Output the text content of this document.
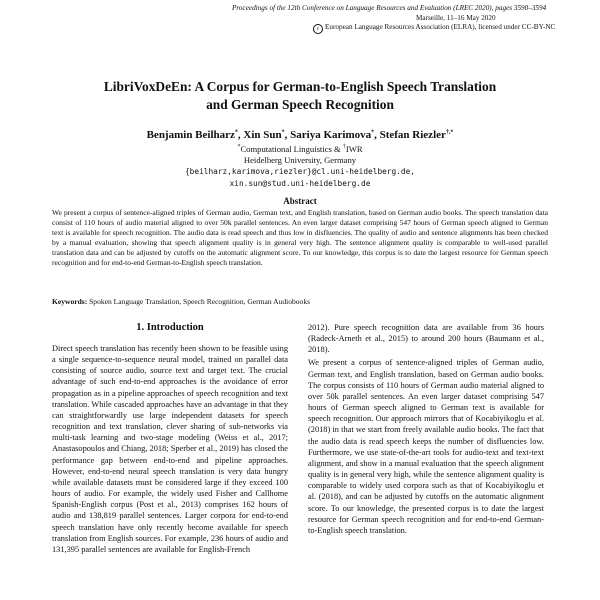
Proceedings of the 12th Conference on Language Resources and Evaluation (LREC 2020), pages 3590–3594
Marseille, 11–16 May 2020
c European Language Resources Association (ELRA), licensed under CC-BY-NC
LibriVoxDeEn: A Corpus for German-to-English Speech Translation
and German Speech Recognition
Benjamin Beilharz*, Xin Sun*, Sariya Karimova*, Stefan Riezler†,*
*Computational Linguistics & †IWR
Heidelberg University, Germany
{beilharz,karimova,riezler}@cl.uni-heidelberg.de,
xin.sun@stud.uni-heidelberg.de
Abstract

We present a corpus of sentence-aligned triples of German audio, German text, and English translation, based on German audio books. The speech translation data consist of 110 hours of audio material aligned to over 50k parallel sentences. An even larger dataset comprising 547 hours of German speech aligned to German text is available for speech recognition. The audio data is read speech and thus low in disfluencies. The quality of audio and sentence alignments has been checked by a manual evaluation, showing that speech alignment quality is in general very high. The sentence alignment quality is comparable to well-used parallel translation data and can be adjusted by cutoffs on the automatic alignment score. To our knowledge, this corpus is to date the largest resource for German speech recognition and for end-to-end German-to-English speech translation.

Keywords: Spoken Language Translation, Speech Recognition, German Audiobooks

1. Introduction

Direct speech translation has recently been shown to be feasible using a single sequence-to-sequence neural model, trained on parallel data consisting of source audio, source text and target text. The crucial advantage of such end-to-end approaches is the avoidance of error propagation as in a pipeline approaches of speech recognition and text translation. While cascaded approaches have an advantage in that they can straightforwardly use large independent datasets for speech recognition and text translation, clever sharing of sub-networks via multi-task learning and two-stage modeling (Weiss et al., 2017; Anastasopoulos and Chiang, 2018; Sperber et al., 2019) has closed the performance gap between end-to-end and pipeline approaches. However, end-to-end neural speech translation is very data hungry while available datasets must be considered large if they exceed 100 hours of audio. For example, the widely used Fisher and Callhome Spanish-English corpus (Post et al., 2013) comprises 162 hours of audio and 138,819 parallel sentences. Larger corpora for end-to-end speech translation have only recently become available for speech translation from English sources. For example, 236 hours of audio and 131,395 parallel sentences are available for English-French

2012). Pure speech recognition data are available from 36 hours (Radeck-Arneth et al., 2015) to around 200 hours (Baumann et al., 2018).

We present a corpus of sentence-aligned triples of German audio, German text, and English translation, based on German audio books. The corpus consists of 110 hours of German audio material aligned to over 50k parallel sentences. An even larger dataset comprising 547 hours of German speech aligned to German text is available for speech recognition. Our approach mirrors that of Kocabiyikoglu et al. (2018) in that we start from freely available audio books. The fact that the audio data is read speech keeps the number of disfluencies low. Furthermore, we use state-of-the-art tools for audio-text and text-text alignment, and show in a manual evaluation that the speech alignment quality is in general very high, while the sentence alignment quality is comparable to widely used corpora such as that of Kocabiyikoglu et al. (2018), and can be adjusted by cutoffs on the automatic alignment score. To our knowledge, the presented corpus is to date the largest resource for German speech recognition and for end-to-end German-to-English speech translation.
